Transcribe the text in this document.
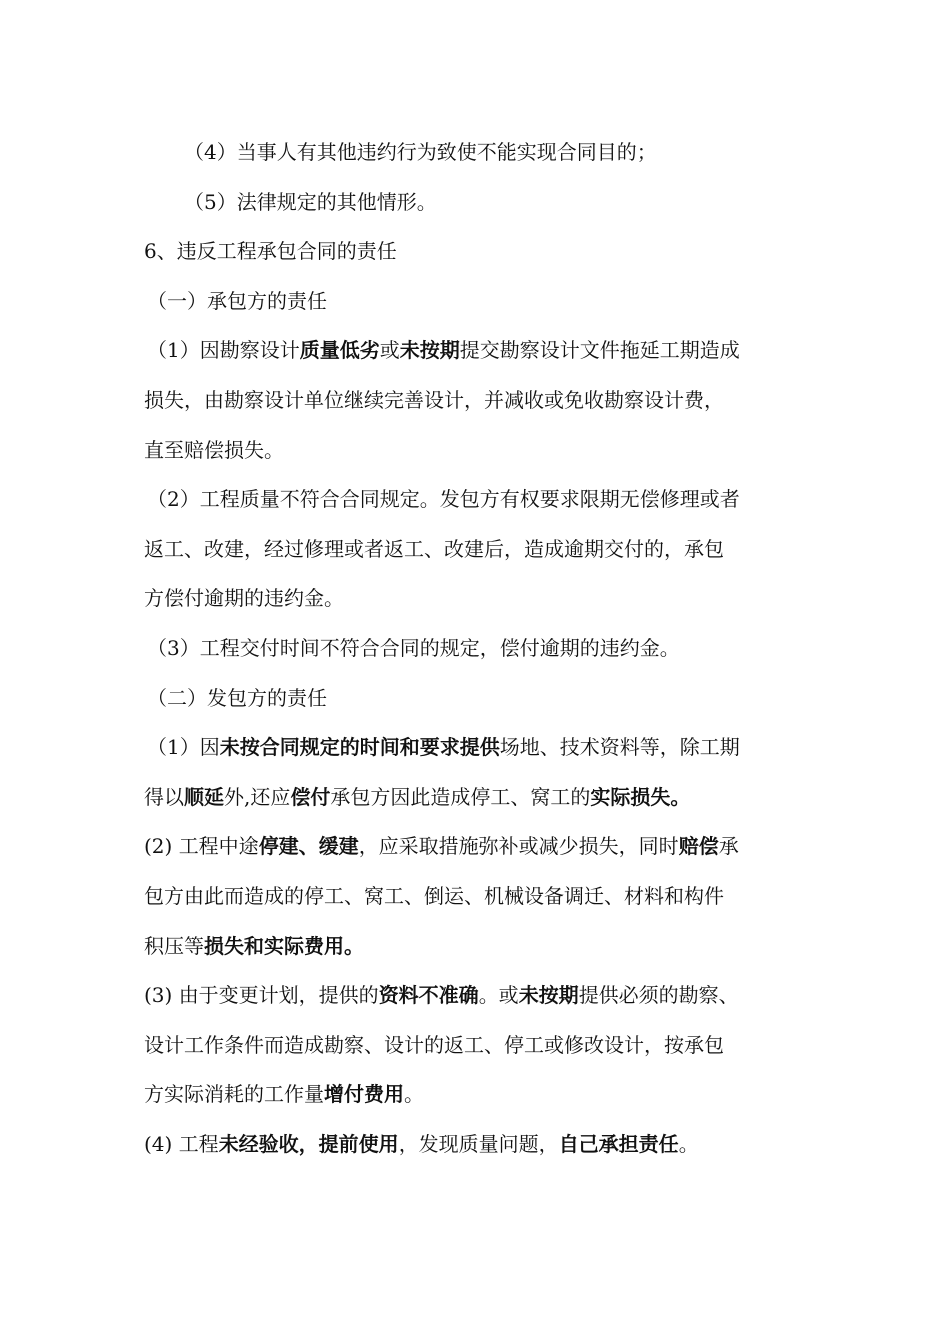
（4）当事人有其他违约行为致使不能实现合同目的；
（5）法律规定的其他情形。
6、违反工程承包合同的责任
（一）承包方的责任
（1）因勘察设计质量低劣或未按期提交勘察设计文件拖延工期造成
损失，由勘察设计单位继续完善设计，并减收或免收勘察设计费，
直至赔偿损失。
（2）工程质量不符合合同规定。发包方有权要求限期无偿修理或者
返工、改建，经过修理或者返工、改建后，造成逾期交付的，承包
方偿付逾期的违约金。
（3）工程交付时间不符合合同的规定，偿付逾期的违约金。
（二）发包方的责任
（1）因未按合同规定的时间和要求提供场地、技术资料等，除工期
得以顺延外,还应偿付承包方因此造成停工、窝工的实际损失。
(2) 工程中途停建、缓建，应采取措施弥补或减少损失，同时赔偿承
包方由此而造成的停工、窝工、倒运、机械设备调迁、材料和构件
积压等损失和实际费用。
(3) 由于变更计划，提供的资料不准确。或未按期提供必须的勘察、
设计工作条件而造成勘察、设计的返工、停工或修改设计，按承包
方实际消耗的工作量增付费用。
(4) 工程未经验收，提前使用，发现质量问题，自己承担责任。
